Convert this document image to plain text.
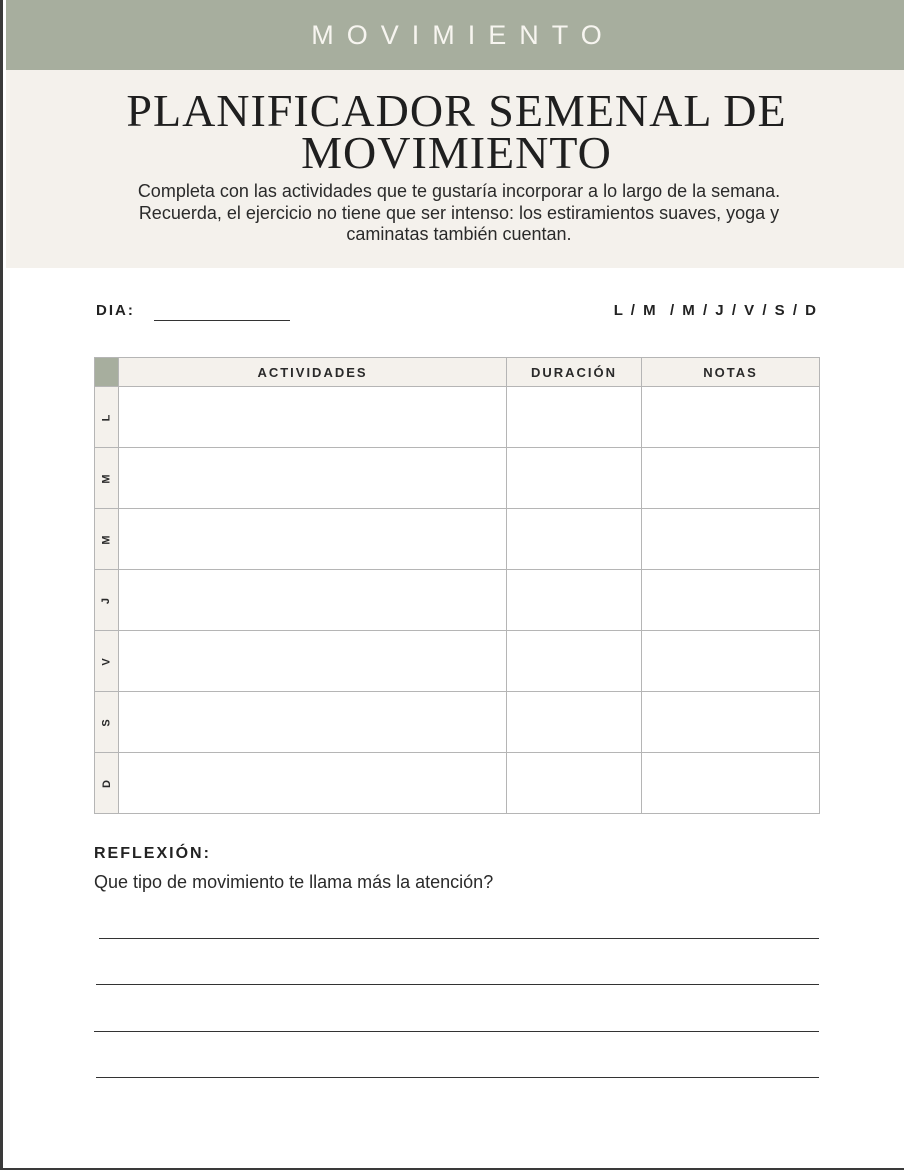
MOVIMIENTO
PLANIFICADOR SEMENAL DE MOVIMIENTO

Completa con las actividades que te gustaría incorporar a lo largo de la semana. Recuerda, el ejercicio no tiene que ser intenso: los estiramientos suaves, yoga y caminatas también cuentan.

DIA:	L / M  / M / J / V / S / D
	ACTIVIDADES	DURACIÓN	NOTAS
L			
M			
M			
J			
V			
S			
D			
REFLEXIÓN:
Que tipo de movimiento te llama más la atención?
